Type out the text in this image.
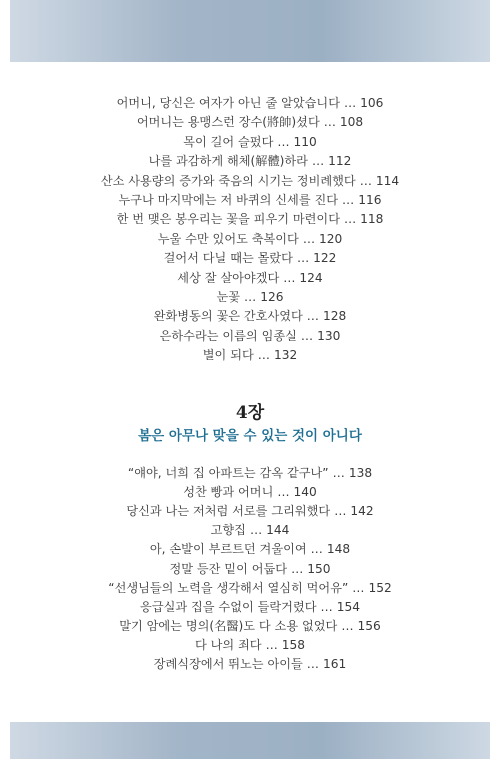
어머니, 당신은 여자가 아닌 줄 알았습니다 … 106
어머니는 용맹스런 장수(將帥)셨다 … 108
목이 길어 슬펐다 … 110
나를 과감하게 해체(解體)하라 … 112
산소 사용량의 증가와 죽음의 시기는 정비례했다 … 114
누구나 마지막에는 저 바퀴의 신세를 진다 … 116
한 번 맺은 봉우리는 꽃을 피우기 마련이다 … 118
누울 수만 있어도 축복이다 … 120
걸어서 다닐 때는 몰랐다 … 122
세상 잘 살아야겠다 … 124
눈꽃 … 126
완화병동의 꽃은 간호사였다 … 128
은하수라는 이름의 임종실 … 130
별이 되다 … 132
4장
봄은 아무나 맞을 수 있는 것이 아니다
“얘야, 너희 집 아파트는 감옥 같구나” … 138
성찬 빵과 어머니 … 140
당신과 나는 저처럼 서로를 그리워했다 … 142
고향집 … 144
아, 손발이 부르트던 겨울이여 … 148
정말 등잔 밑이 어둡다 … 150
“선생님들의 노력을 생각해서 열심히 먹어유” … 152
응급실과 집을 수없이 들락거렸다 … 154
말기 암에는 명의(名醫)도 다 소용 없었다 … 156
다 나의 죄다 … 158
장례식장에서 뛰노는 아이들 … 161
